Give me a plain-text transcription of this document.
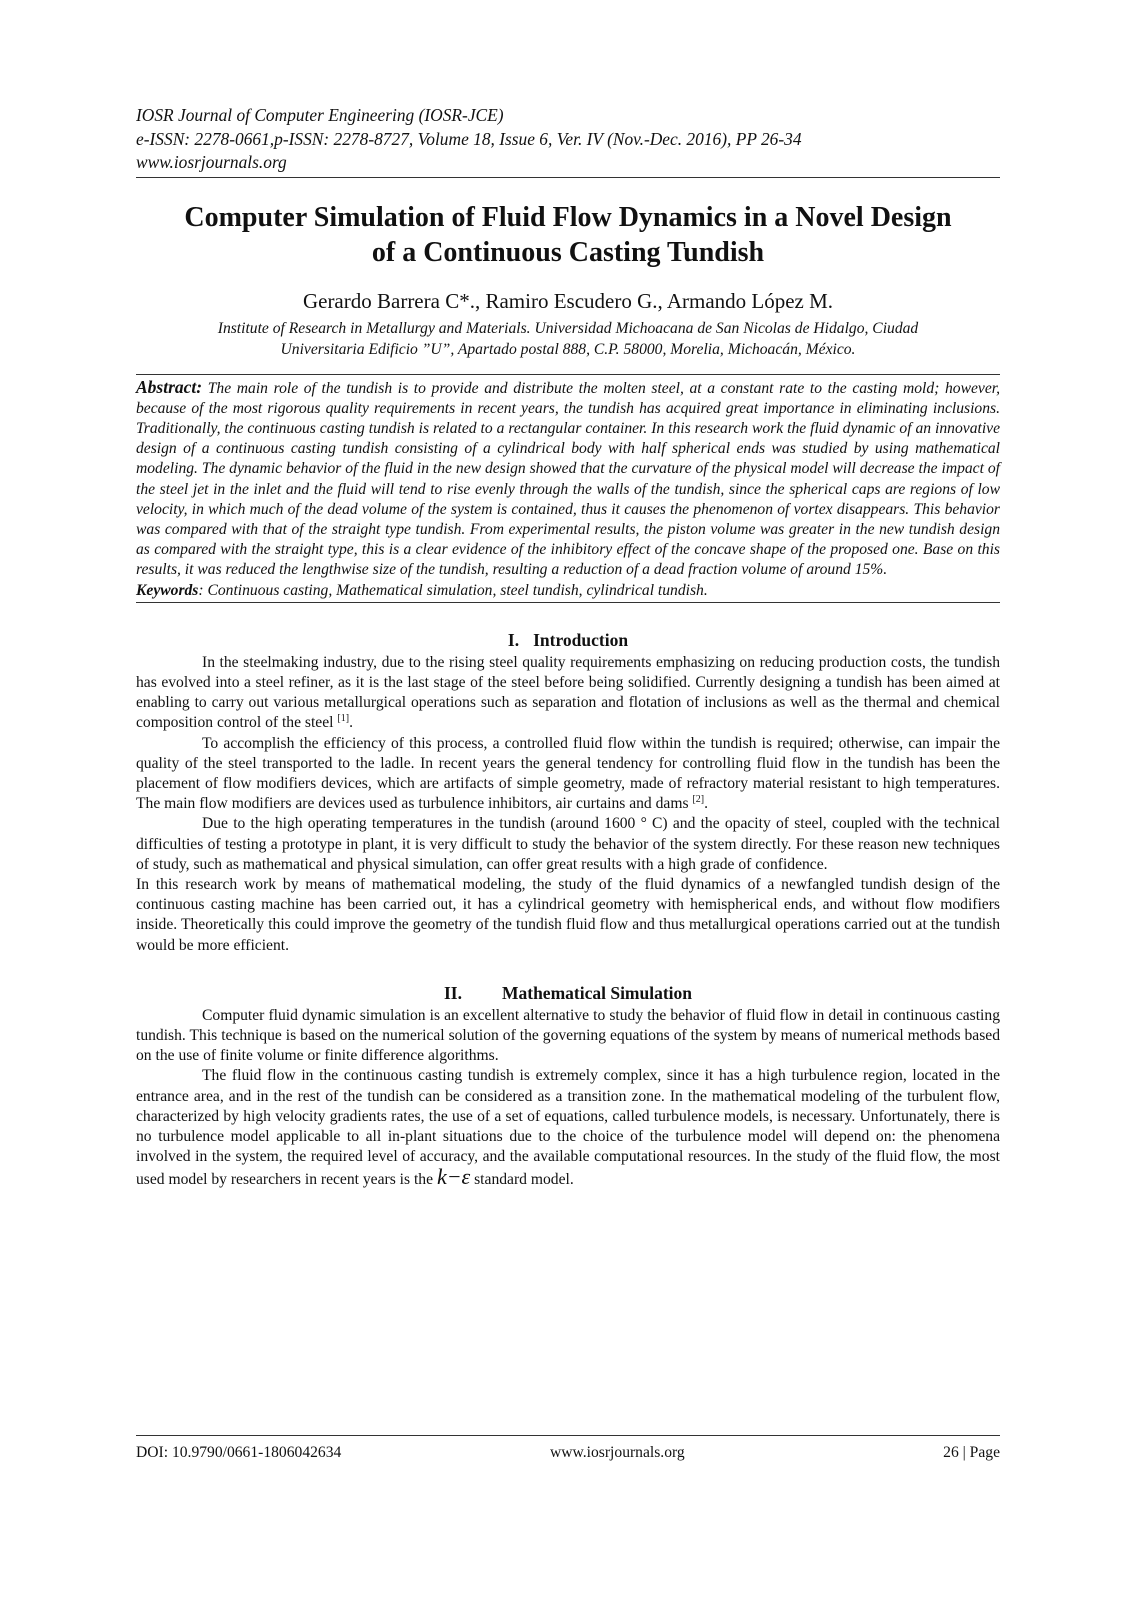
IOSR Journal of Computer Engineering (IOSR-JCE)
e-ISSN: 2278-0661,p-ISSN: 2278-8727, Volume 18, Issue 6, Ver. IV (Nov.-Dec. 2016), PP 26-34
www.iosrjournals.org
Computer Simulation of Fluid Flow Dynamics in a Novel Design
of a Continuous Casting Tundish
Gerardo Barrera C*., Ramiro Escudero G., Armando López M.
Institute of Research in Metallurgy and Materials. Universidad Michoacana de San Nicolas de Hidalgo, Ciudad
Universitaria Edificio ”U”, Apartado postal 888, C.P. 58000, Morelia, Michoacán, México.
Abstract: The main role of the tundish is to provide and distribute the molten steel, at a constant rate to the casting mold; however, because of the most rigorous quality requirements in recent years, the tundish has acquired great importance in eliminating inclusions. Traditionally, the continuous casting tundish is related to a rectangular container. In this research work the fluid dynamic of an innovative design of a continuous casting tundish consisting of a cylindrical body with half spherical ends was studied by using mathematical modeling. The dynamic behavior of the fluid in the new design showed that the curvature of the physical model will decrease the impact of the steel jet in the inlet and the fluid will tend to rise evenly through the walls of the tundish, since the spherical caps are regions of low velocity, in which much of the dead volume of the system is contained, thus it causes the phenomenon of vortex disappears. This behavior was compared with that of the straight type tundish. From experimental results, the piston volume was greater in the new tundish design as compared with the straight type, this is a clear evidence of the inhibitory effect of the concave shape of the proposed one. Base on this results, it was reduced the lengthwise size of the tundish, resulting a reduction of a dead fraction volume of around 15%.
Keywords: Continuous casting, Mathematical simulation, steel tundish, cylindrical tundish.
I. Introduction

In the steelmaking industry, due to the rising steel quality requirements emphasizing on reducing production costs, the tundish has evolved into a steel refiner, as it is the last stage of the steel before being solidified. Currently designing a tundish has been aimed at enabling to carry out various metallurgical operations such as separation and flotation of inclusions as well as the thermal and chemical composition control of the steel [1].

To accomplish the efficiency of this process, a controlled fluid flow within the tundish is required; otherwise, can impair the quality of the steel transported to the ladle. In recent years the general tendency for controlling fluid flow in the tundish has been the placement of flow modifiers devices, which are artifacts of simple geometry, made of refractory material resistant to high temperatures. The main flow modifiers are devices used as turbulence inhibitors, air curtains and dams [2].

Due to the high operating temperatures in the tundish (around 1600 ° C) and the opacity of steel, coupled with the technical difficulties of testing a prototype in plant, it is very difficult to study the behavior of the system directly. For these reason new techniques of study, such as mathematical and physical simulation, can offer great results with a high grade of confidence.

In this research work by means of mathematical modeling, the study of the fluid dynamics of a newfangled tundish design of the continuous casting machine has been carried out, it has a cylindrical geometry with hemispherical ends, and without flow modifiers inside. Theoretically this could improve the geometry of the tundish fluid flow and thus metallurgical operations carried out at the tundish would be more efficient.

II. Mathematical Simulation

Computer fluid dynamic simulation is an excellent alternative to study the behavior of fluid flow in detail in continuous casting tundish. This technique is based on the numerical solution of the governing equations of the system by means of numerical methods based on the use of finite volume or finite difference algorithms.

The fluid flow in the continuous casting tundish is extremely complex, since it has a high turbulence region, located in the entrance area, and in the rest of the tundish can be considered as a transition zone. In the mathematical modeling of the turbulent flow, characterized by high velocity gradients rates, the use of a set of equations, called turbulence models, is necessary. Unfortunately, there is no turbulence model applicable to all in-plant situations due to the choice of the turbulence model will depend on: the phenomena involved in the system, the required level of accuracy, and the available computational resources. In the study of the fluid flow, the most used model by researchers in recent years is the k−ε standard model.

DOI: 10.9790/0661-1806042634	www.iosrjournals.org	26 | Page
